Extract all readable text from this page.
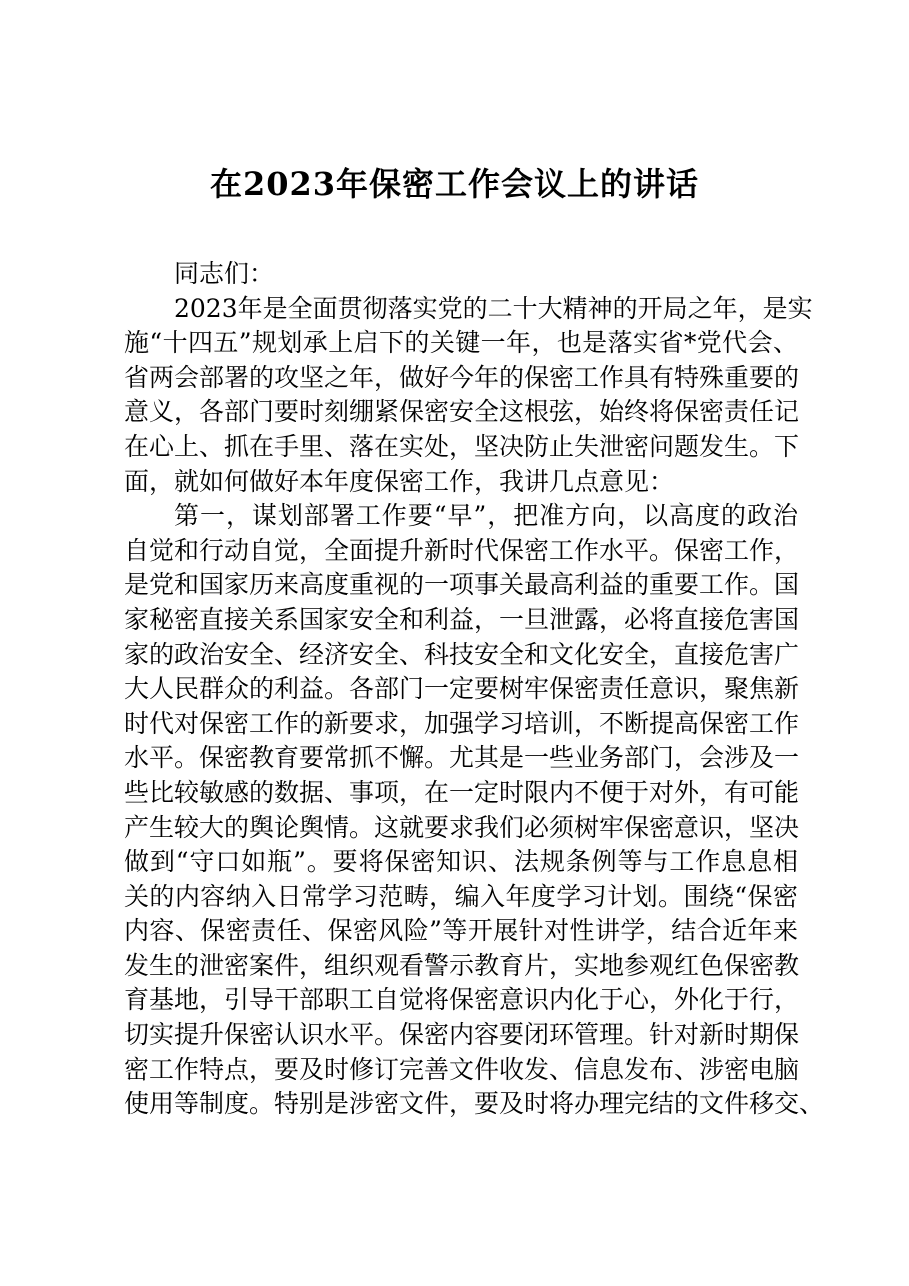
在2023年保密工作会议上的讲话
同志们：
2023年是全面贯彻落实党的二十大精神的开局之年，是实
施“十四五”规划承上启下的关键一年，也是落实省*党代会、
省两会部署的攻坚之年，做好今年的保密工作具有特殊重要的
意义，各部门要时刻绷紧保密安全这根弦，始终将保密责任记
在心上、抓在手里、落在实处，坚决防止失泄密问题发生。下
面，就如何做好本年度保密工作，我讲几点意见：
第一，谋划部署工作要“早”，把准方向，以高度的政治
自觉和行动自觉，全面提升新时代保密工作水平。保密工作，
是党和国家历来高度重视的一项事关最高利益的重要工作。国
家秘密直接关系国家安全和利益，一旦泄露，必将直接危害国
家的政治安全、经济安全、科技安全和文化安全，直接危害广
大人民群众的利益。各部门一定要树牢保密责任意识，聚焦新
时代对保密工作的新要求，加强学习培训，不断提高保密工作
水平。保密教育要常抓不懈。尤其是一些业务部门，会涉及一
些比较敏感的数据、事项，在一定时限内不便于对外，有可能
产生较大的舆论舆情。这就要求我们必须树牢保密意识，坚决
做到“守口如瓶”。要将保密知识、法规条例等与工作息息相
关的内容纳入日常学习范畴，编入年度学习计划。围绕“保密
内容、保密责任、保密风险”等开展针对性讲学，结合近年来
发生的泄密案件，组织观看警示教育片，实地参观红色保密教
育基地，引导干部职工自觉将保密意识内化于心，外化于行，
切实提升保密认识水平。保密内容要闭环管理。针对新时期保
密工作特点，要及时修订完善文件收发、信息发布、涉密电脑
使用等制度。特别是涉密文件，要及时将办理完结的文件移交、
